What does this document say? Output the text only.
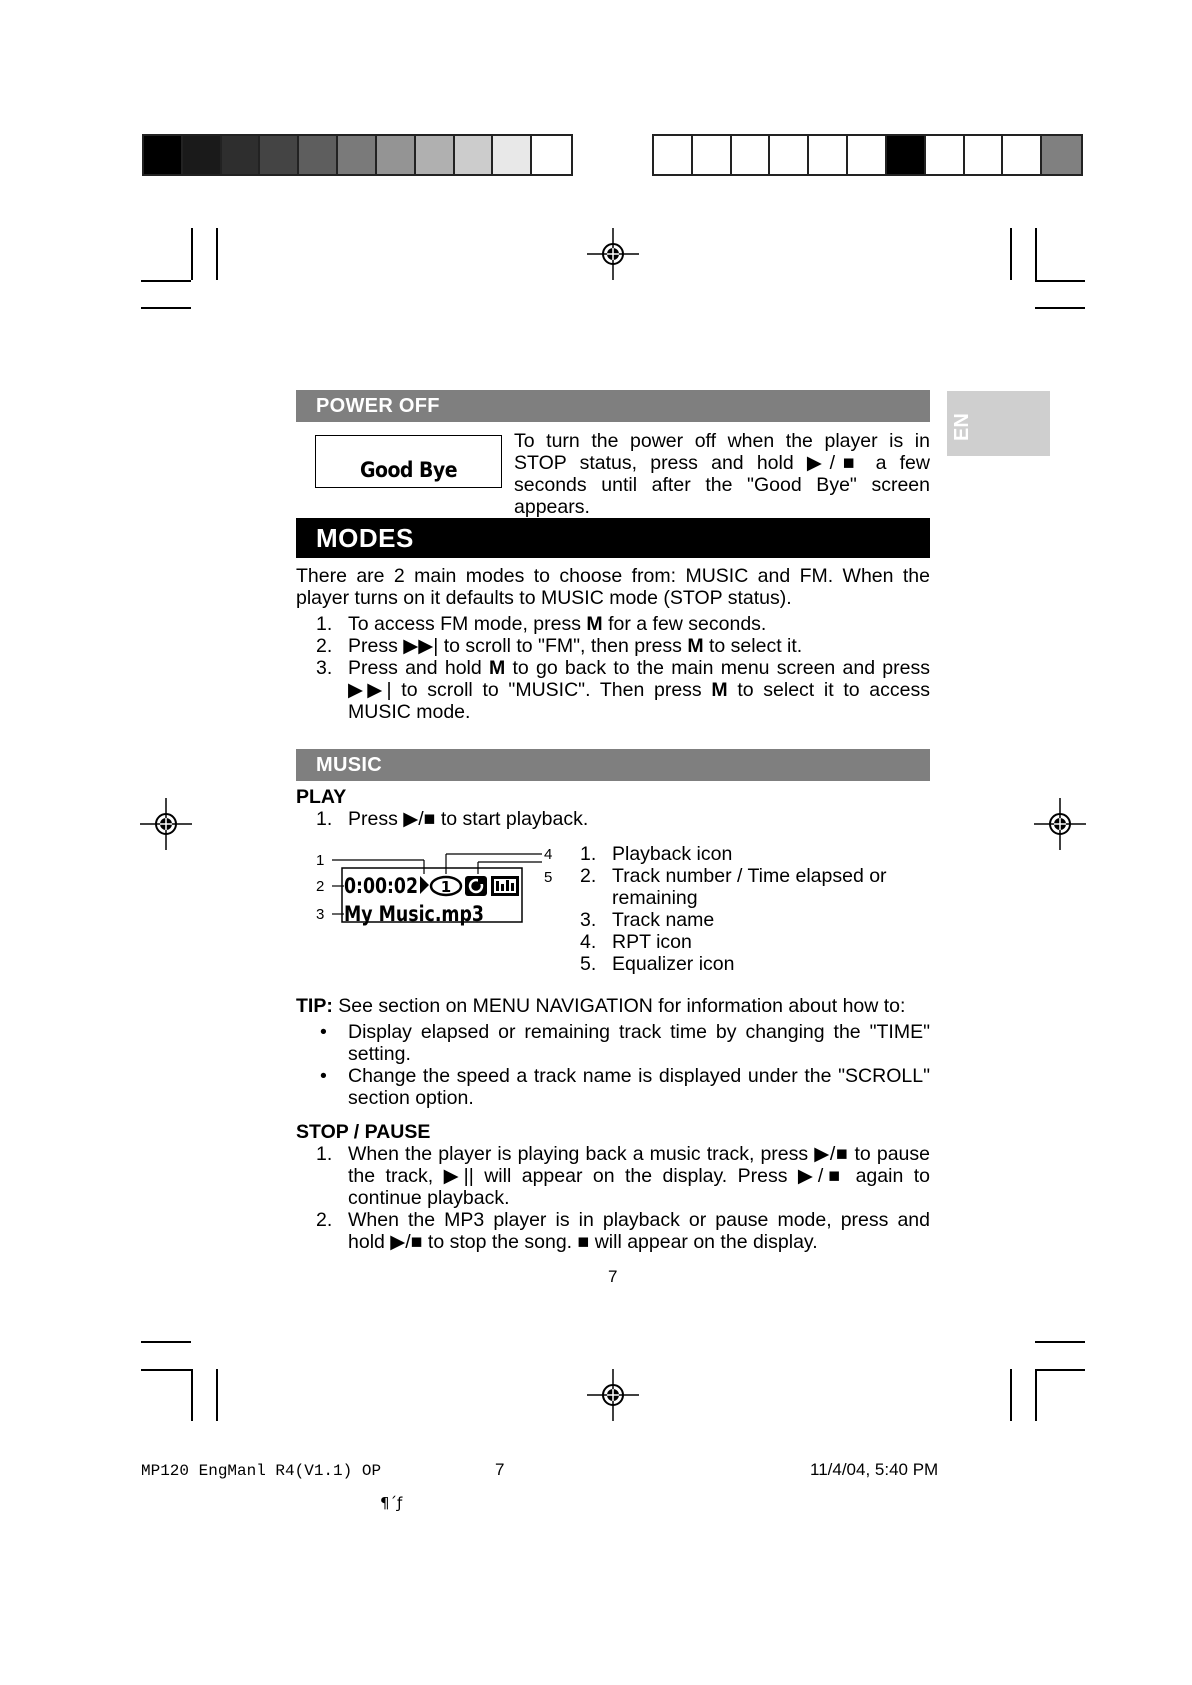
EN
POWER OFF
Good Bye
To turn the power off when the player is in STOP status, press and hold ▶/■ a few seconds until after the "Good Bye" screen appears.
MODES
There are 2 main modes to choose from: MUSIC and FM. When the player turns on it defaults to MUSIC mode (STOP status).
1. To access FM mode, press M for a few seconds.
2. Press ▶▶| to scroll to "FM", then press M to select it.
3. Press and hold M to go back to the main menu screen and press ▶▶| to scroll to "MUSIC". Then press M to select it to access MUSIC mode.
MUSIC
PLAY
1. Press ▶/■ to start playback.
1
2
3
4
5
0:00:02 1
My Music.mp3
1. Playback icon
2. Track number / Time elapsed or remaining
3. Track name
4. RPT icon
5. Equalizer icon
TIP: See section on MENU NAVIGATION for information about how to:
• Display elapsed or remaining track time by changing the "TIME" setting.
• Change the speed a track name is displayed under the "SCROLL" section option.
STOP / PAUSE
1. When the player is playing back a music track, press ▶/■ to pause the track, ▶|| will appear on the display. Press ▶/■ again to continue playback.
2. When the MP3 player is in playback or pause mode, press and hold ▶/■ to stop the song. ■ will appear on the display.
7
MP120 EngManl R4(V1.1) OP	7	11/4/04, 5:40 PM
¶´ƒ
